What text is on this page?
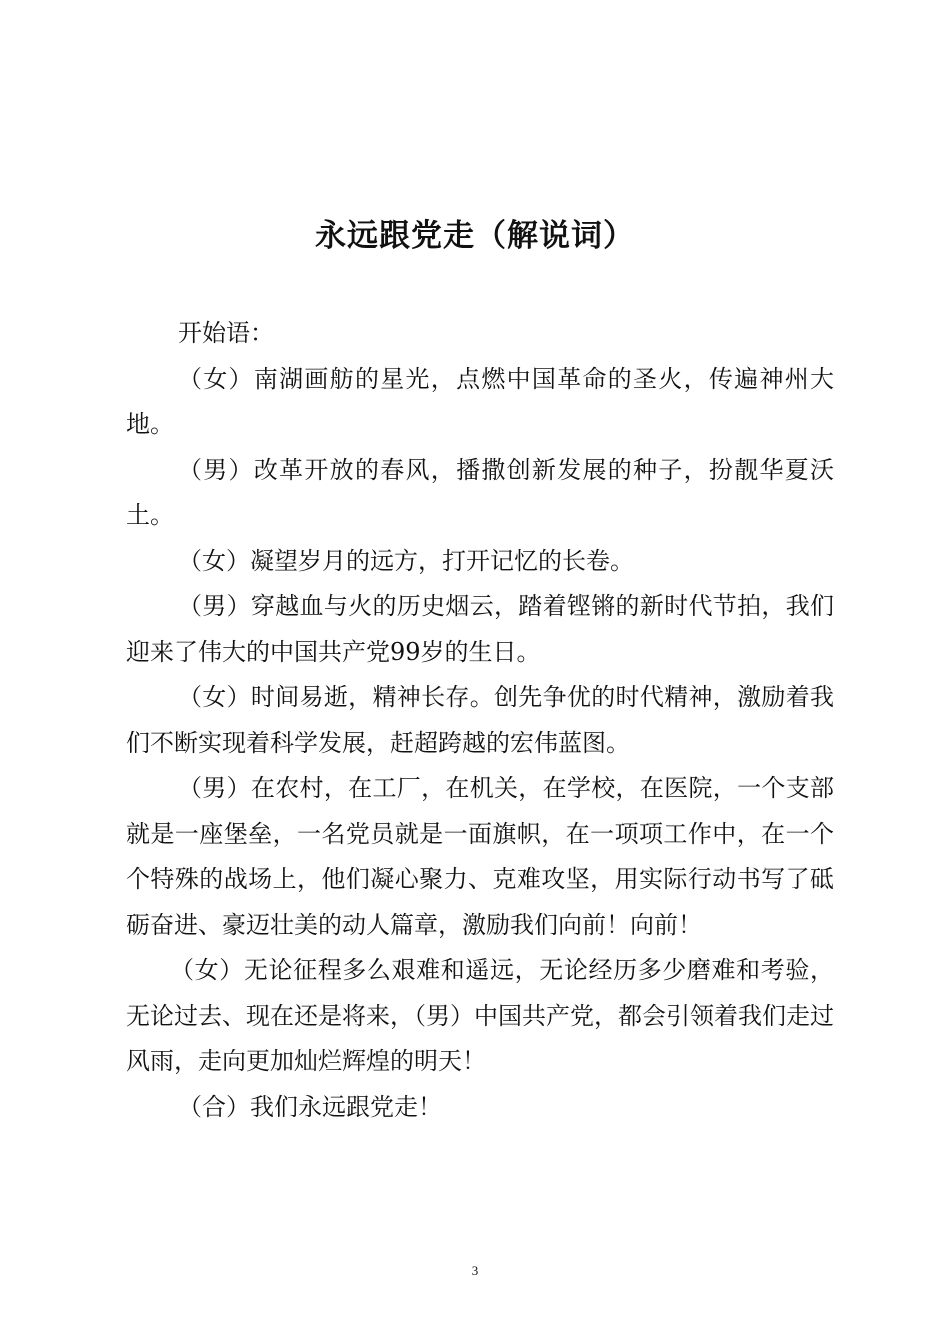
永远跟党走（解说词）

开始语：

（女）南湖画舫的星光，点燃中国革命的圣火，传遍神州大地。

（男）改革开放的春风，播撒创新发展的种子，扮靓华夏沃土。

（女）凝望岁月的远方，打开记忆的长卷。

（男）穿越血与火的历史烟云，踏着铿锵的新时代节拍，我们迎来了伟大的中国共产党99岁的生日。

（女）时间易逝，精神长存。创先争优的时代精神，激励着我们不断实现着科学发展，赶超跨越的宏伟蓝图。

（男）在农村，在工厂，在机关，在学校，在医院，一个支部就是一座堡垒，一名党员就是一面旗帜，在一项项工作中，在一个个特殊的战场上，他们凝心聚力、克难攻坚，用实际行动书写了砥砺奋进、豪迈壮美的动人篇章，激励我们向前！向前！

（女）无论征程多么艰难和遥远，无论经历多少磨难和考验，无论过去、现在还是将来，（男）中国共产党，都会引领着我们走过风雨，走向更加灿烂辉煌的明天！

（合）我们永远跟党走！

3
